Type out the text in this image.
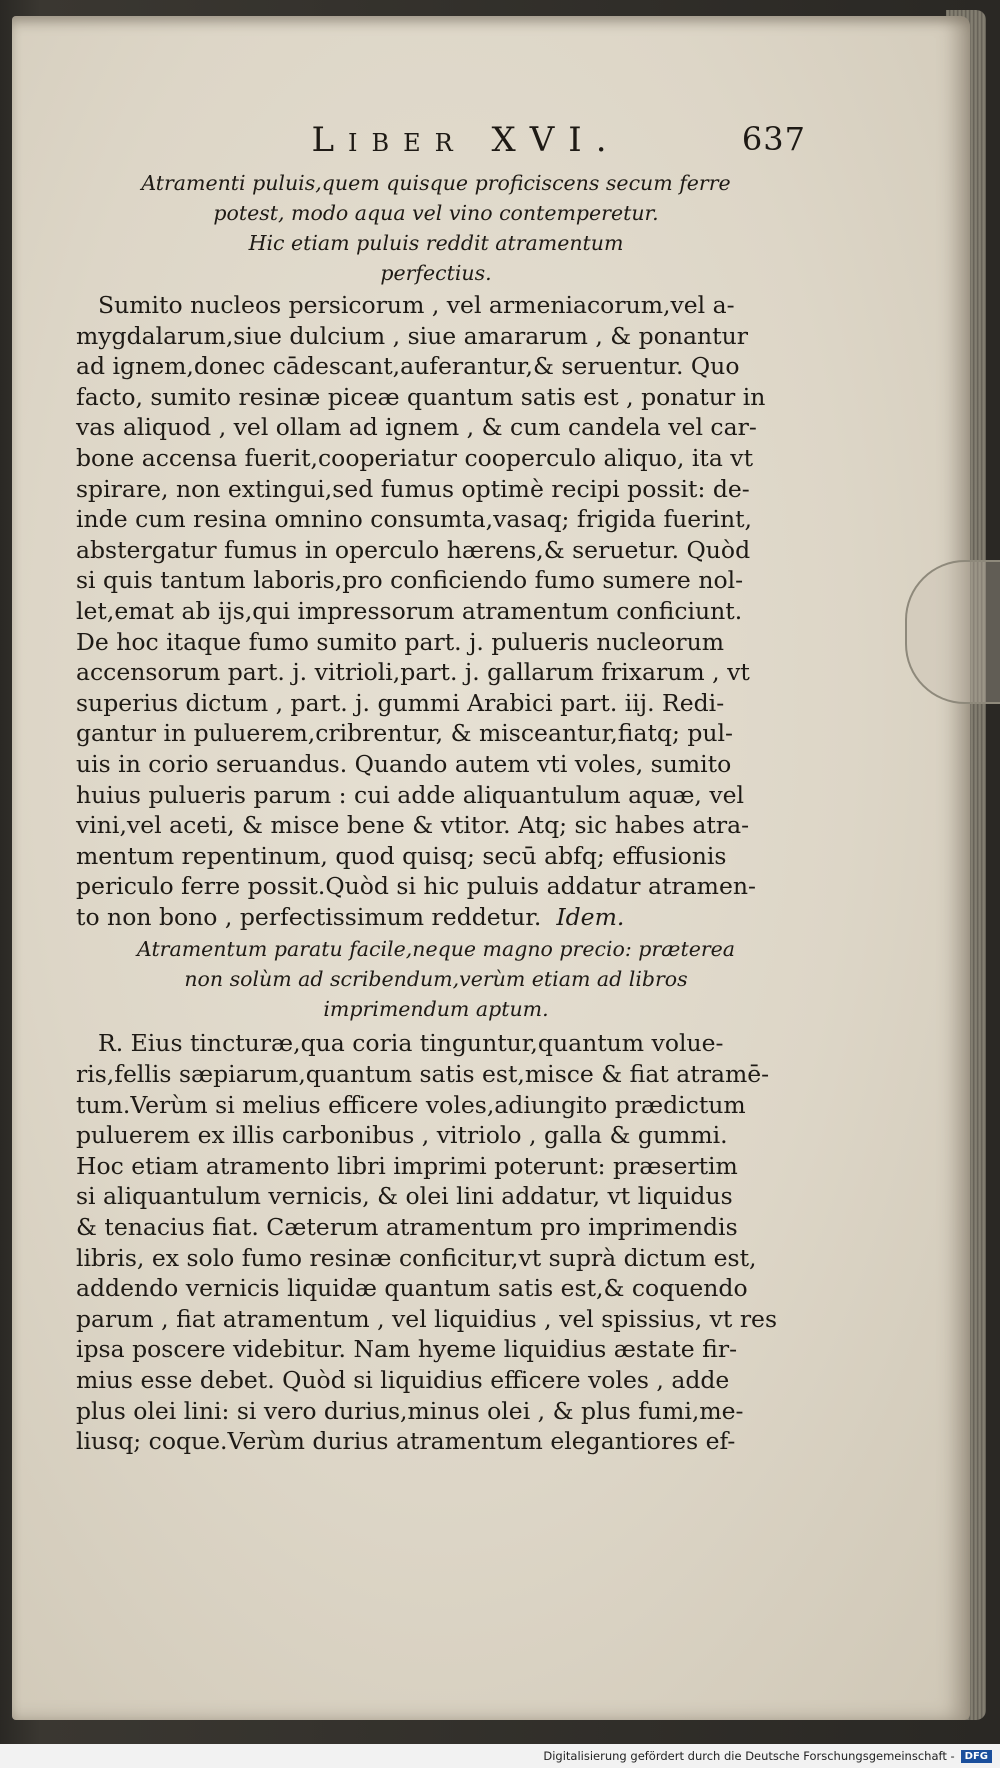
Liber XVI.	637
Atramenti puluis,quem quisque proficiscens secum ferre
potest, modo aqua vel vino contemperetur.
Hic etiam puluis reddit atramentum
perfectius.
Sumito nucleos persicorum , vel armeniacorum,vel a-
mygdalarum,siue dulcium , siue amararum , & ponantur
ad ignem,donec cādescant,auferantur,& seruentur. Quo
facto, sumito resinæ piceæ quantum satis est , ponatur in
vas aliquod , vel ollam ad ignem , & cum candela vel car-
bone accensa fuerit,cooperiatur cooperculo aliquo, ita vt
spirare, non extingui,sed fumus optimè recipi possit: de-
inde cum resina omnino consumta,vasaq; frigida fuerint,
abstergatur fumus in operculo hærens,& seruetur. Quòd
si quis tantum laboris,pro conficiendo fumo sumere nol-
let,emat ab ijs,qui impressorum atramentum conficiunt.
De hoc itaque fumo sumito part. j. pulueris nucleorum
accensorum part. j. vitrioli,part. j. gallarum frixarum , vt
superius dictum , part. j. gummi Arabici part. iij. Redi-
gantur in puluerem,cribrentur, & misceantur,fiatq; pul-
uis in corio seruandus. Quando autem vti voles, sumito
huius pulueris parum : cui adde aliquantulum aquæ, vel
vini,vel aceti, & misce bene & vtitor. Atq; sic habes atra-
mentum repentinum, quod quisq; secū abfq; effusionis
periculo ferre possit.Quòd si hic puluis addatur atramen-
to non bono , perfectissimum reddetur. Idem.
Atramentum paratu facile,neque magno precio: præterea
non solùm ad scribendum,verùm etiam ad libros
imprimendum aptum.
R. Eius tincturæ,qua coria tinguntur,quantum volue-
ris,fellis sæpiarum,quantum satis est,misce & fiat atramē-
tum.Verùm si melius efficere voles,adiungito prædictum
puluerem ex illis carbonibus , vitriolo , galla & gummi.
Hoc etiam atramento libri imprimi poterunt: præsertim
si aliquantulum vernicis, & olei lini addatur, vt liquidus
& tenacius fiat. Cæterum atramentum pro imprimendis
libris, ex solo fumo resinæ conficitur,vt suprà dictum est,
addendo vernicis liquidæ quantum satis est,& coquendo
parum , fiat atramentum , vel liquidius , vel spissius, vt res
ipsa poscere videbitur. Nam hyeme liquidius æstate fir-
mius esse debet. Quòd si liquidius efficere voles , adde
plus olei lini: si vero durius,minus olei , & plus fumi,me-
liusq; coque.Verùm durius atramentum elegantiores ef-
Digitalisierung gefördert durch die Deutsche Forschungsgemeinschaft -	DFG
